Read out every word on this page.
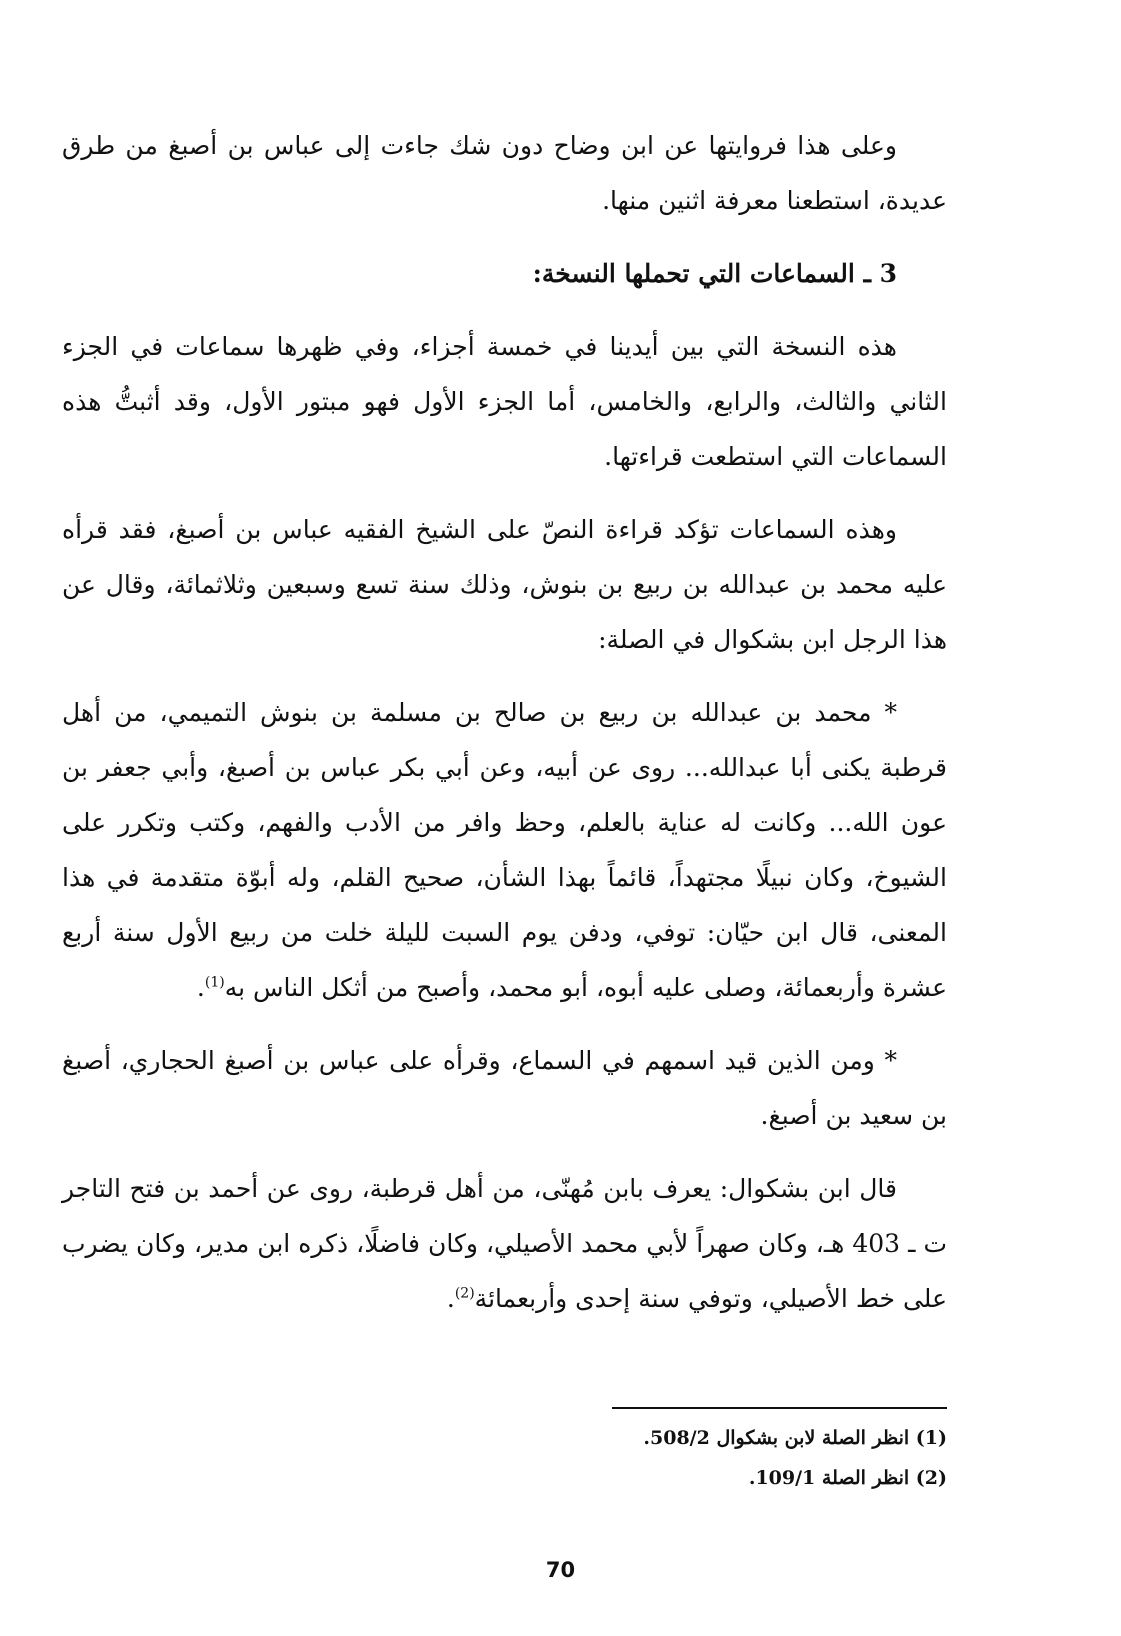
وعلى هذا فروايتها عن ابن وضاح دون شك جاءت إلى عباس بن أصبغ من طرق عديدة، استطعنا معرفة اثنين منها.

3 ـ السماعات التي تحملها النسخة:

هذه النسخة التي بين أيدينا في خمسة أجزاء، وفي ظهرها سماعات في الجزء الثاني والثالث، والرابع، والخامس، أما الجزء الأول فهو مبتور الأول، وقد أثبتُّ هذه السماعات التي استطعت قراءتها.

وهذه السماعات تؤكد قراءة النصّ على الشيخ الفقيه عباس بن أصبغ، فقد قرأه عليه محمد بن عبدالله بن ربيع بن بنوش، وذلك سنة تسع وسبعين وثلاثمائة، وقال عن هذا الرجل ابن بشكوال في الصلة:

* محمد بن عبدالله بن ربيع بن صالح بن مسلمة بن بنوش التميمي، من أهل قرطبة يكنى أبا عبدالله... روى عن أبيه، وعن أبي بكر عباس بن أصبغ، وأبي جعفر بن عون الله... وكانت له عناية بالعلم، وحظ وافر من الأدب والفهم، وكتب وتكرر على الشيوخ، وكان نبيلًا مجتهداً، قائماً بهذا الشأن، صحيح القلم، وله أبوّة متقدمة في هذا المعنى، قال ابن حيّان: توفي، ودفن يوم السبت لليلة خلت من ربيع الأول سنة أربع عشرة وأربعمائة، وصلى عليه أبوه، أبو محمد، وأصبح من أثكل الناس به$^{(1)}$.

* ومن الذين قيد اسمهم في السماع، وقرأه على عباس بن أصبغ الحجاري، أصبغ بن سعيد بن أصبغ.

قال ابن بشكوال: يعرف بابن مُهنّى، من أهل قرطبة، روى عن أحمد بن فتح التاجر ت ـ 403 هـ، وكان صهراً لأبي محمد الأصيلي، وكان فاضلًا، ذكره ابن مدير، وكان يضرب على خط الأصيلي، وتوفي سنة إحدى وأربعمائة$^{(2)}$.

(1) انظر الصلة لابن بشكوال 508/2.
(2) انظر الصلة 109/1.
70
